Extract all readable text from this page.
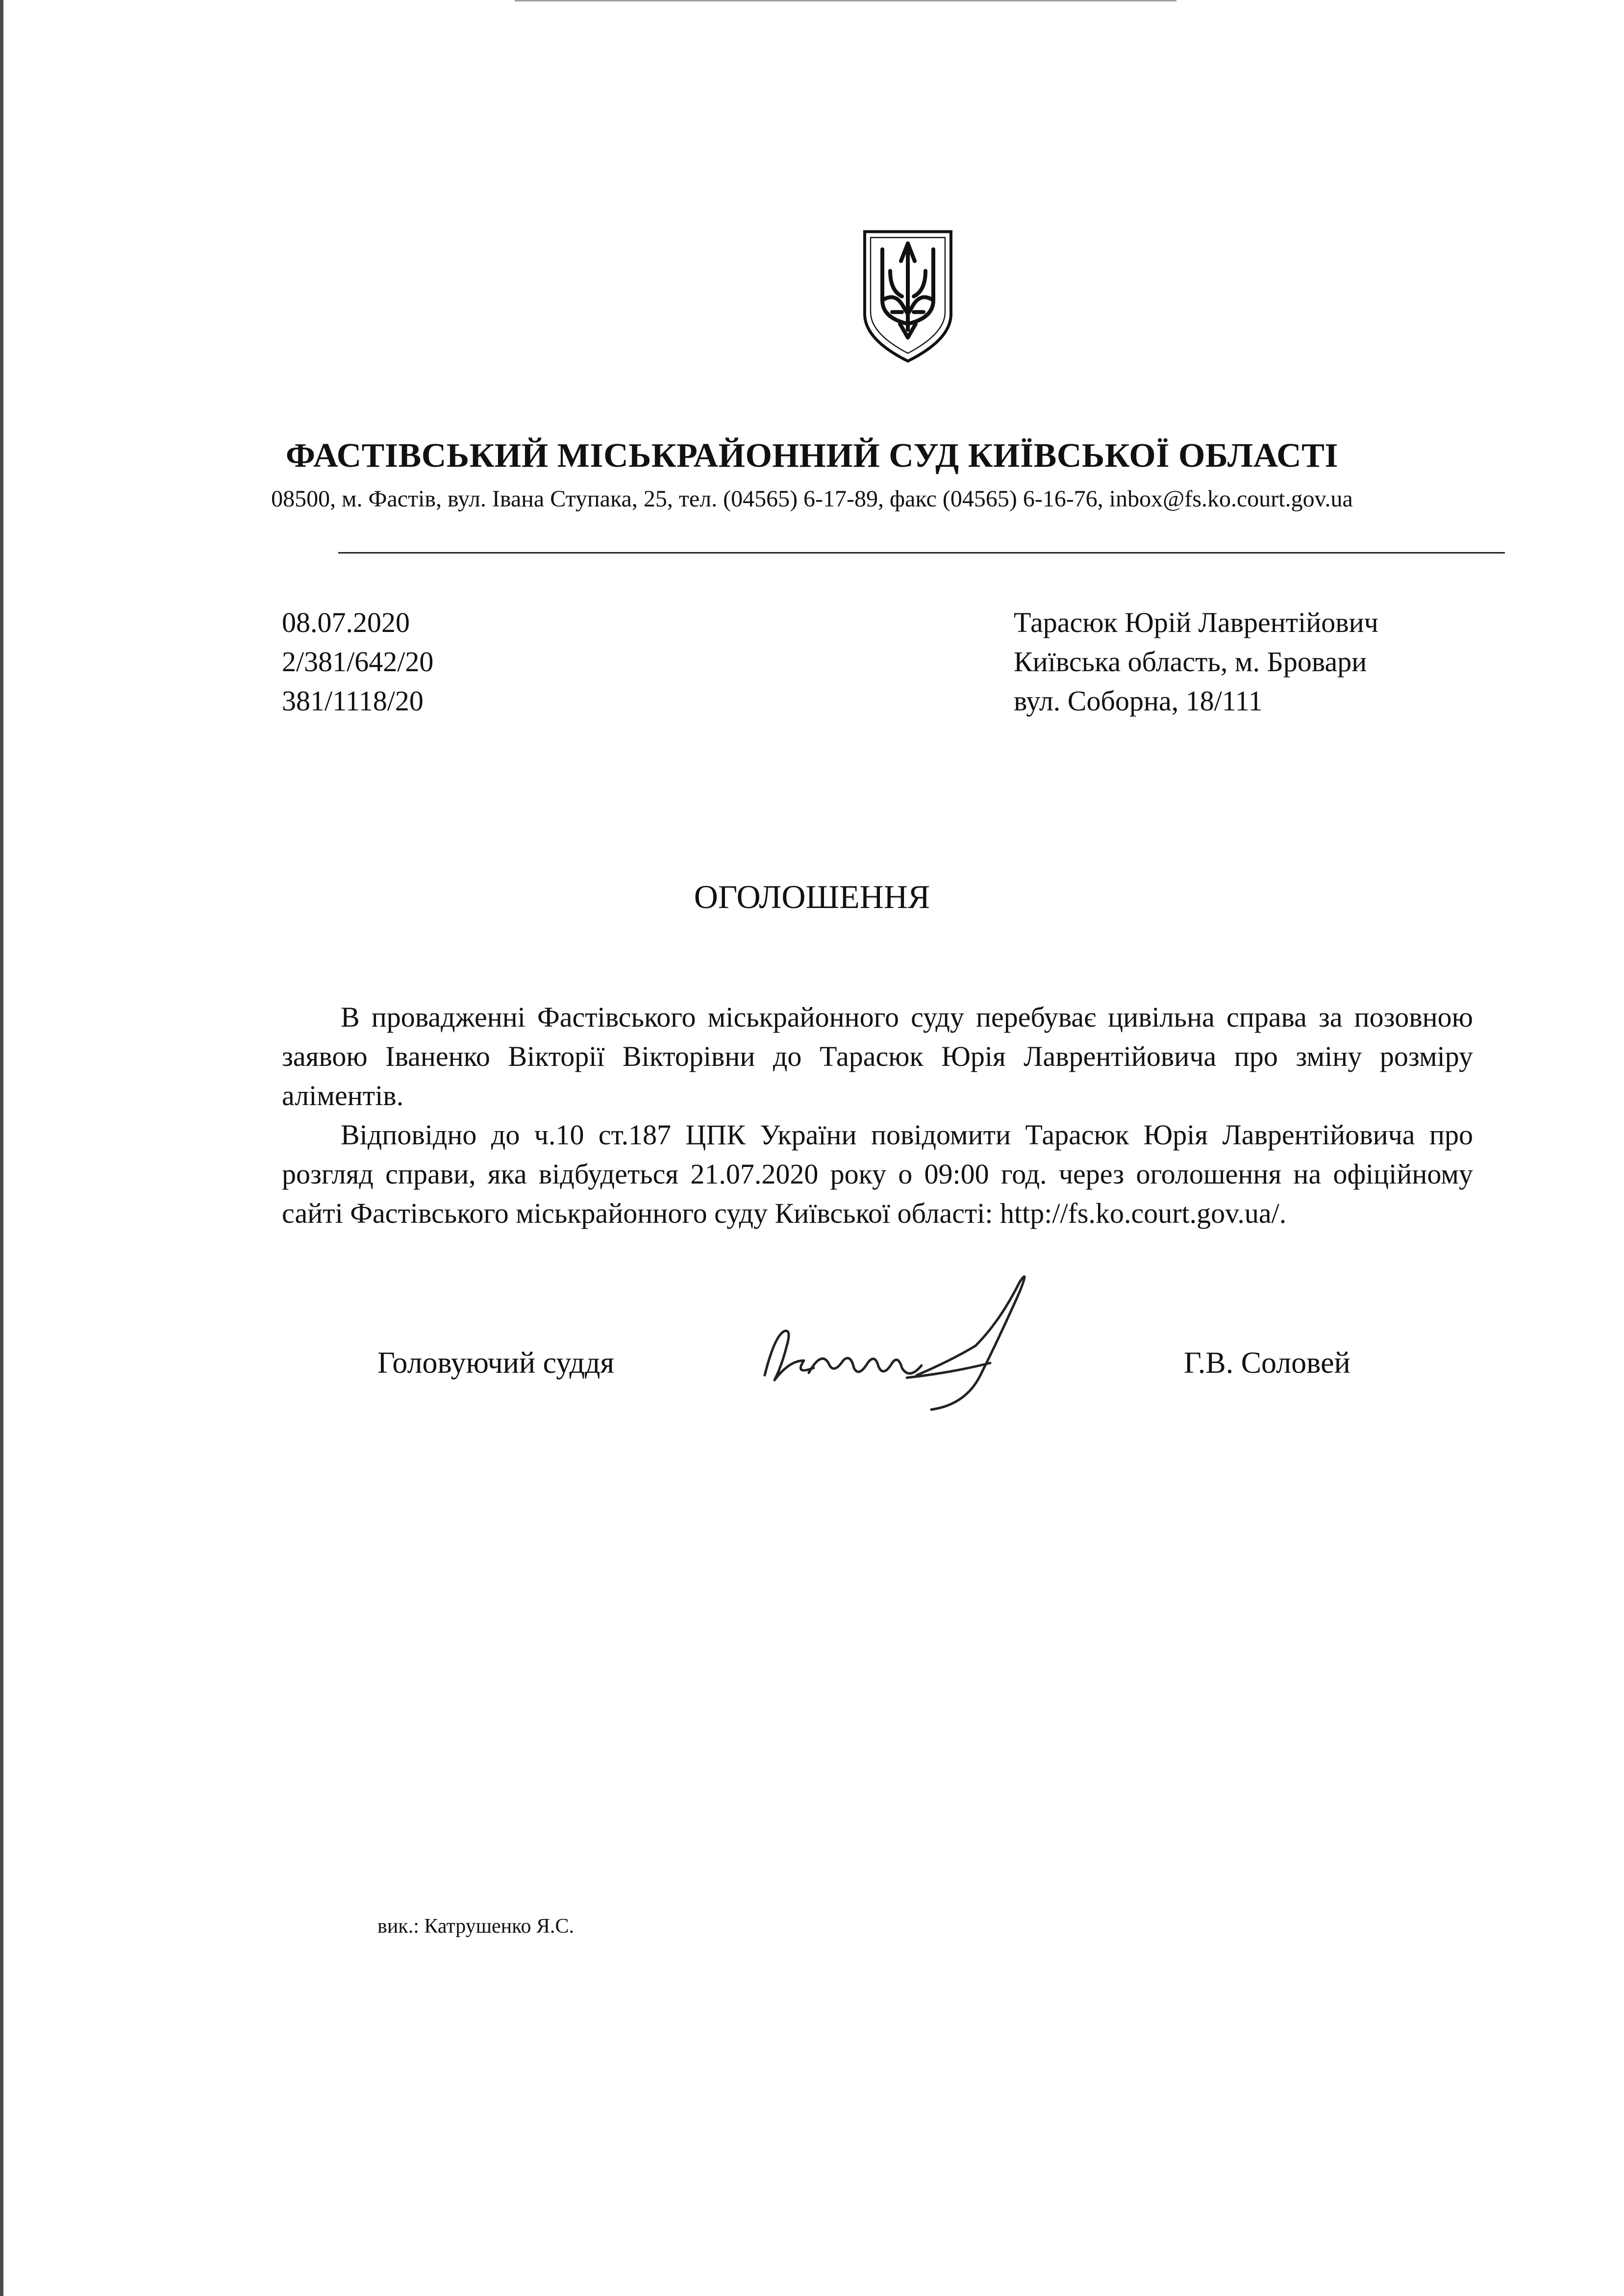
ФАСТІВСЬКИЙ МІСЬКРАЙОННИЙ СУД КИЇВСЬКОЇ ОБЛАСТІ
08500, м. Фастів, вул. Івана Ступака, 25, тел. (04565) 6-17-89, факс (04565) 6-16-76, inbox@fs.ko.court.gov.ua
08.07.2020
2/381/642/20
381/1118/20
Тарасюк Юрій Лаврентійович
Київська область, м. Бровари
вул. Соборна, 18/111
ОГОЛОШЕННЯ

В провадженні Фастівського міськрайонного суду перебуває цивільна справа за позовною заявою Іваненко Вікторії Вікторівни до Тарасюк Юрія Лаврентійовича про зміну розміру аліментів.

Відповідно до ч.10 ст.187 ЦПК України повідомити Тарасюк Юрія Лаврентійовича про розгляд справи, яка відбудеться 21.07.2020 року о 09:00 год. через оголошення на офіційному сайті Фастівського міськрайонного суду Київської області: http://fs.ko.court.gov.ua/.

Головуючий суддя	Г.В. Соловей
вик.: Катрушенко Я.С.
